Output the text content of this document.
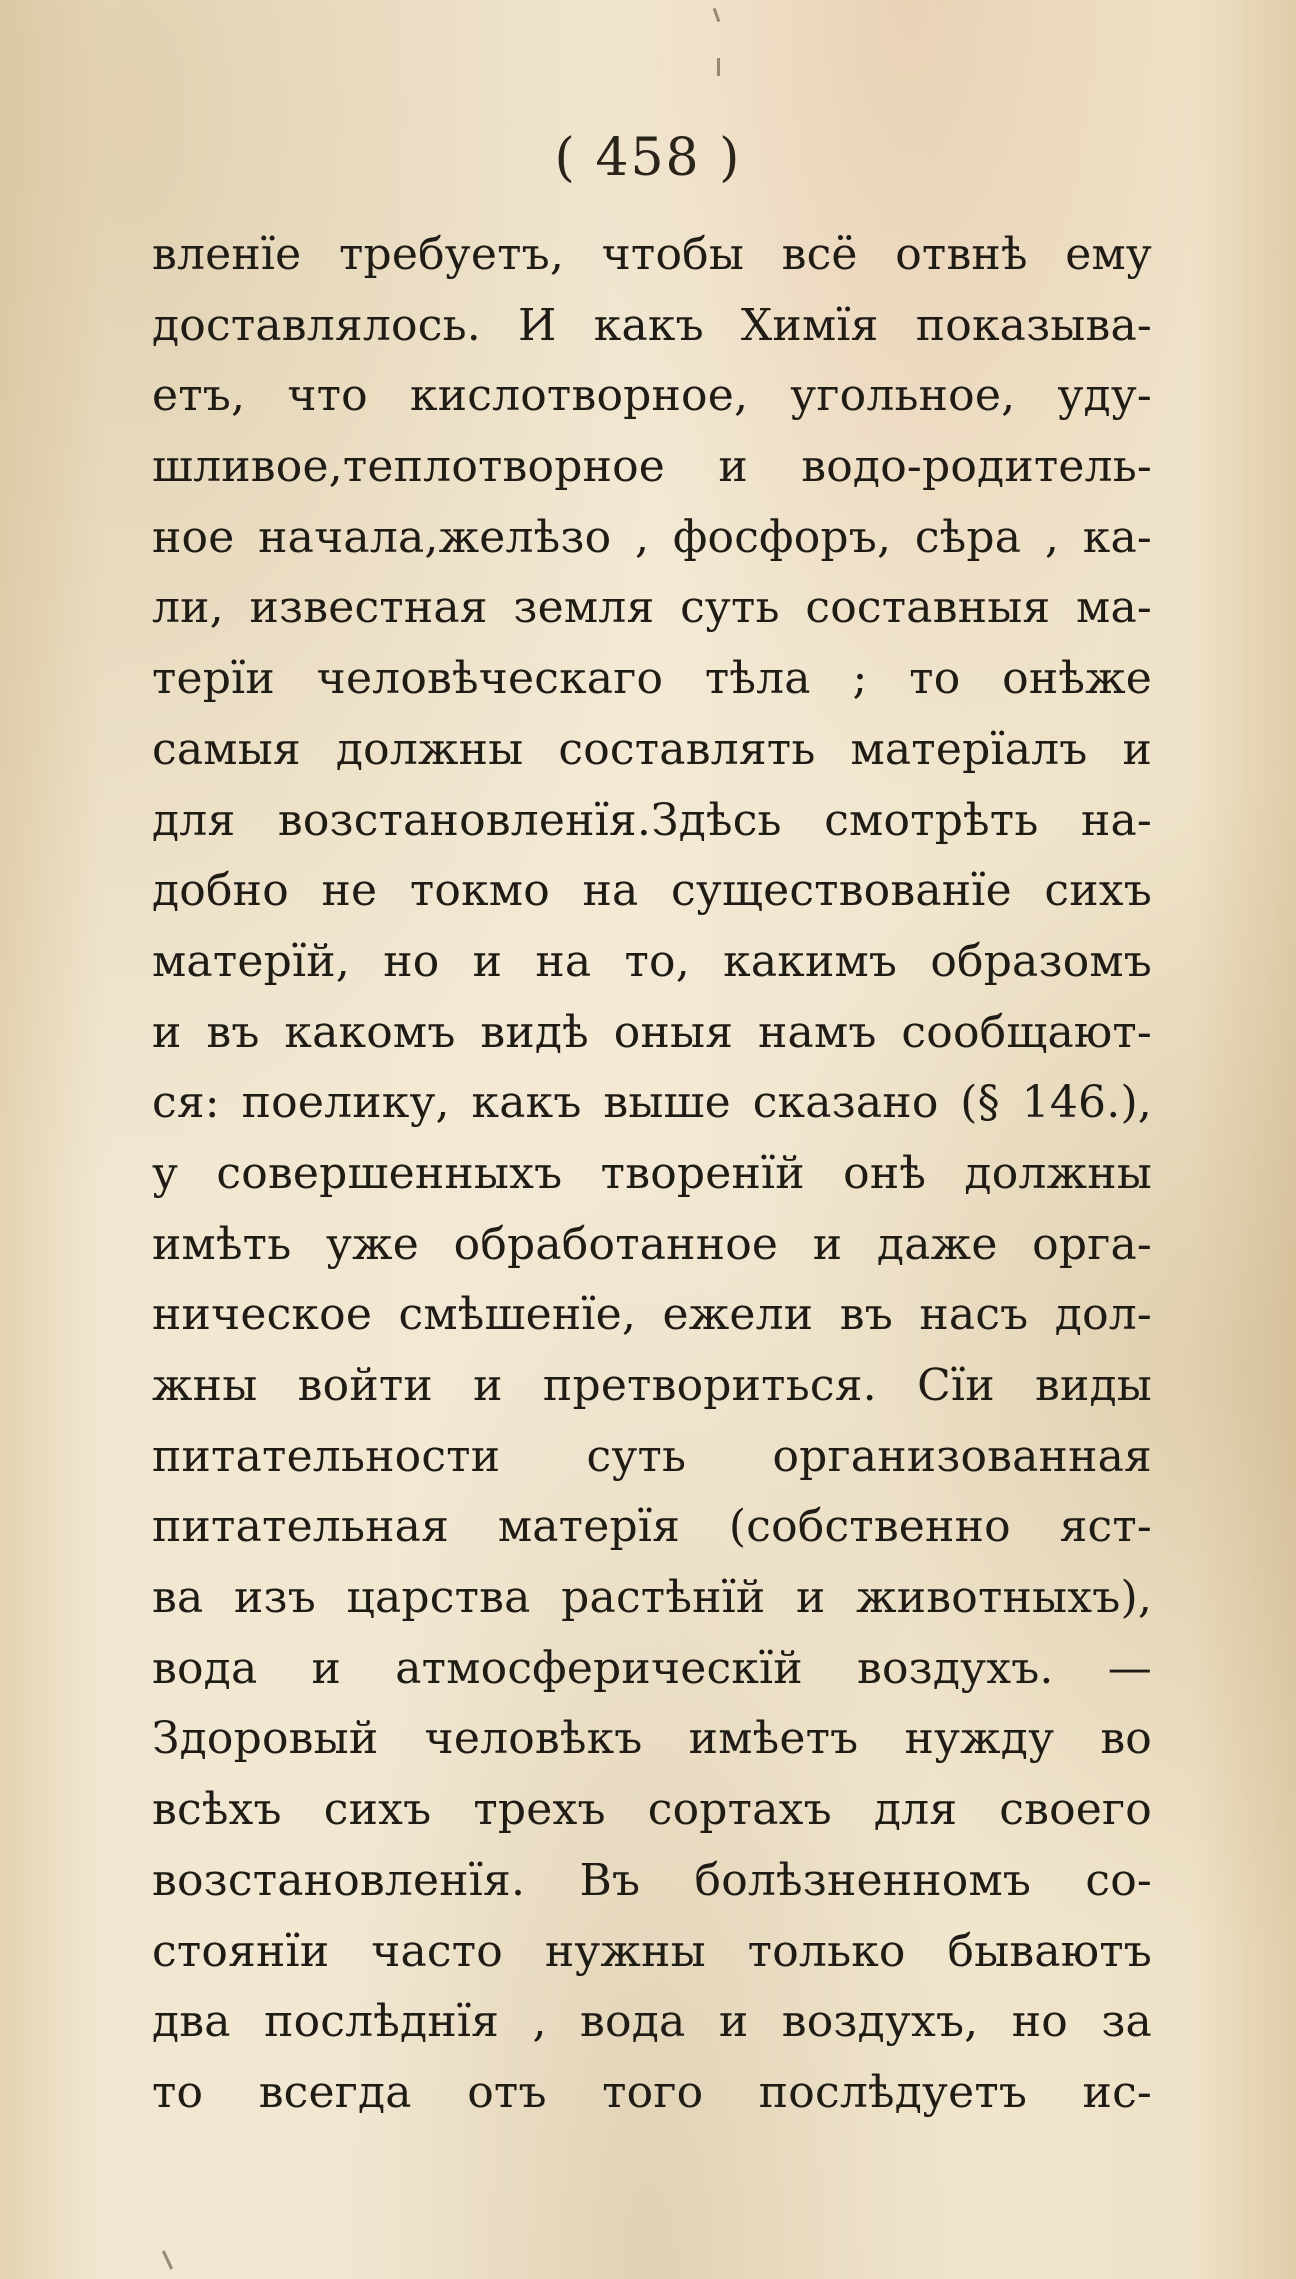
( 458 )
вленїе требуетъ, чтобы всё отвнѣ ему
доставлялось. И какъ Химїя показыва-
етъ, что кислотворное, угольное, уду-
шливое,теплотворное и водо-родитель-
ное начала,желѣзо , фосфоръ, сѣра , ка-
ли, известная земля суть составныя ма-
терїи человѣческаго тѣла ; то онѣже
самыя должны составлять матерїалъ и
для возстановленїя.Здѣсь смотрѣть на-
добно не токмо на существованїе сихъ
матерїй, но и на то, какимъ образомъ
и въ какомъ видѣ оныя намъ сообщают-
ся: поелику, какъ выше сказано (§ 146.),
у совершенныхъ творенїй онѣ должны
имѣть уже обработанное и даже орга-
ническое смѣшенїе, ежели въ насъ дол-
жны войти и претвориться. Сїи виды
питательности суть организованная
питательная матерїя (собственно яст-
ва изъ царства растѣнїй и животныхъ),
вода и атмосферическїй воздухъ. —
Здоровый человѣкъ имѣетъ нужду во
всѣхъ сихъ трехъ сортахъ для своего
возстановленїя. Въ болѣзненномъ со-
стоянїи часто нужны только бываютъ
два послѣднїя , вода и воздухъ, но за
то всегда отъ того послѣдуетъ ис-
